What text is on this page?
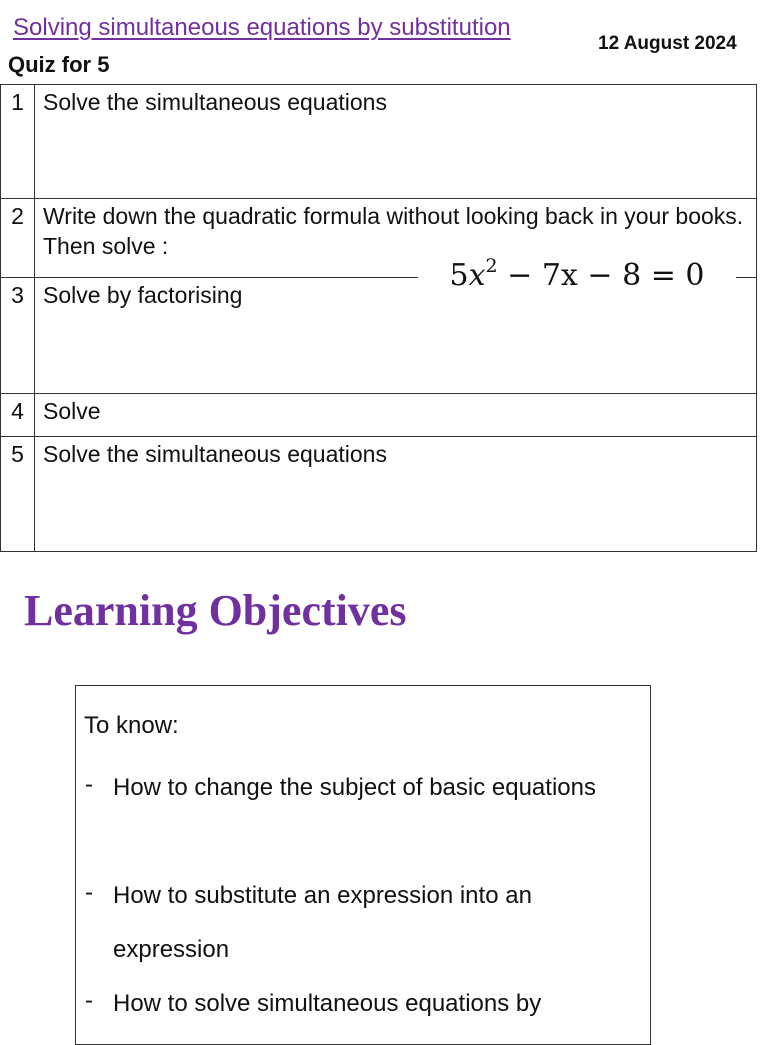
Solving simultaneous equations by substitution
12 August 2024
Quiz for 5
1	Solve the simultaneous equations
2	Write down the quadratic formula without looking back in your books. Then solve :
3	Solve by factorising
4	Solve
5	Solve the simultaneous equations
$5x^2 - 7x - 8 = 0$
Learning Objectives
To know:
- How to change the subject of basic equations
- How to substitute an expression into an expression
- How to solve simultaneous equations by
